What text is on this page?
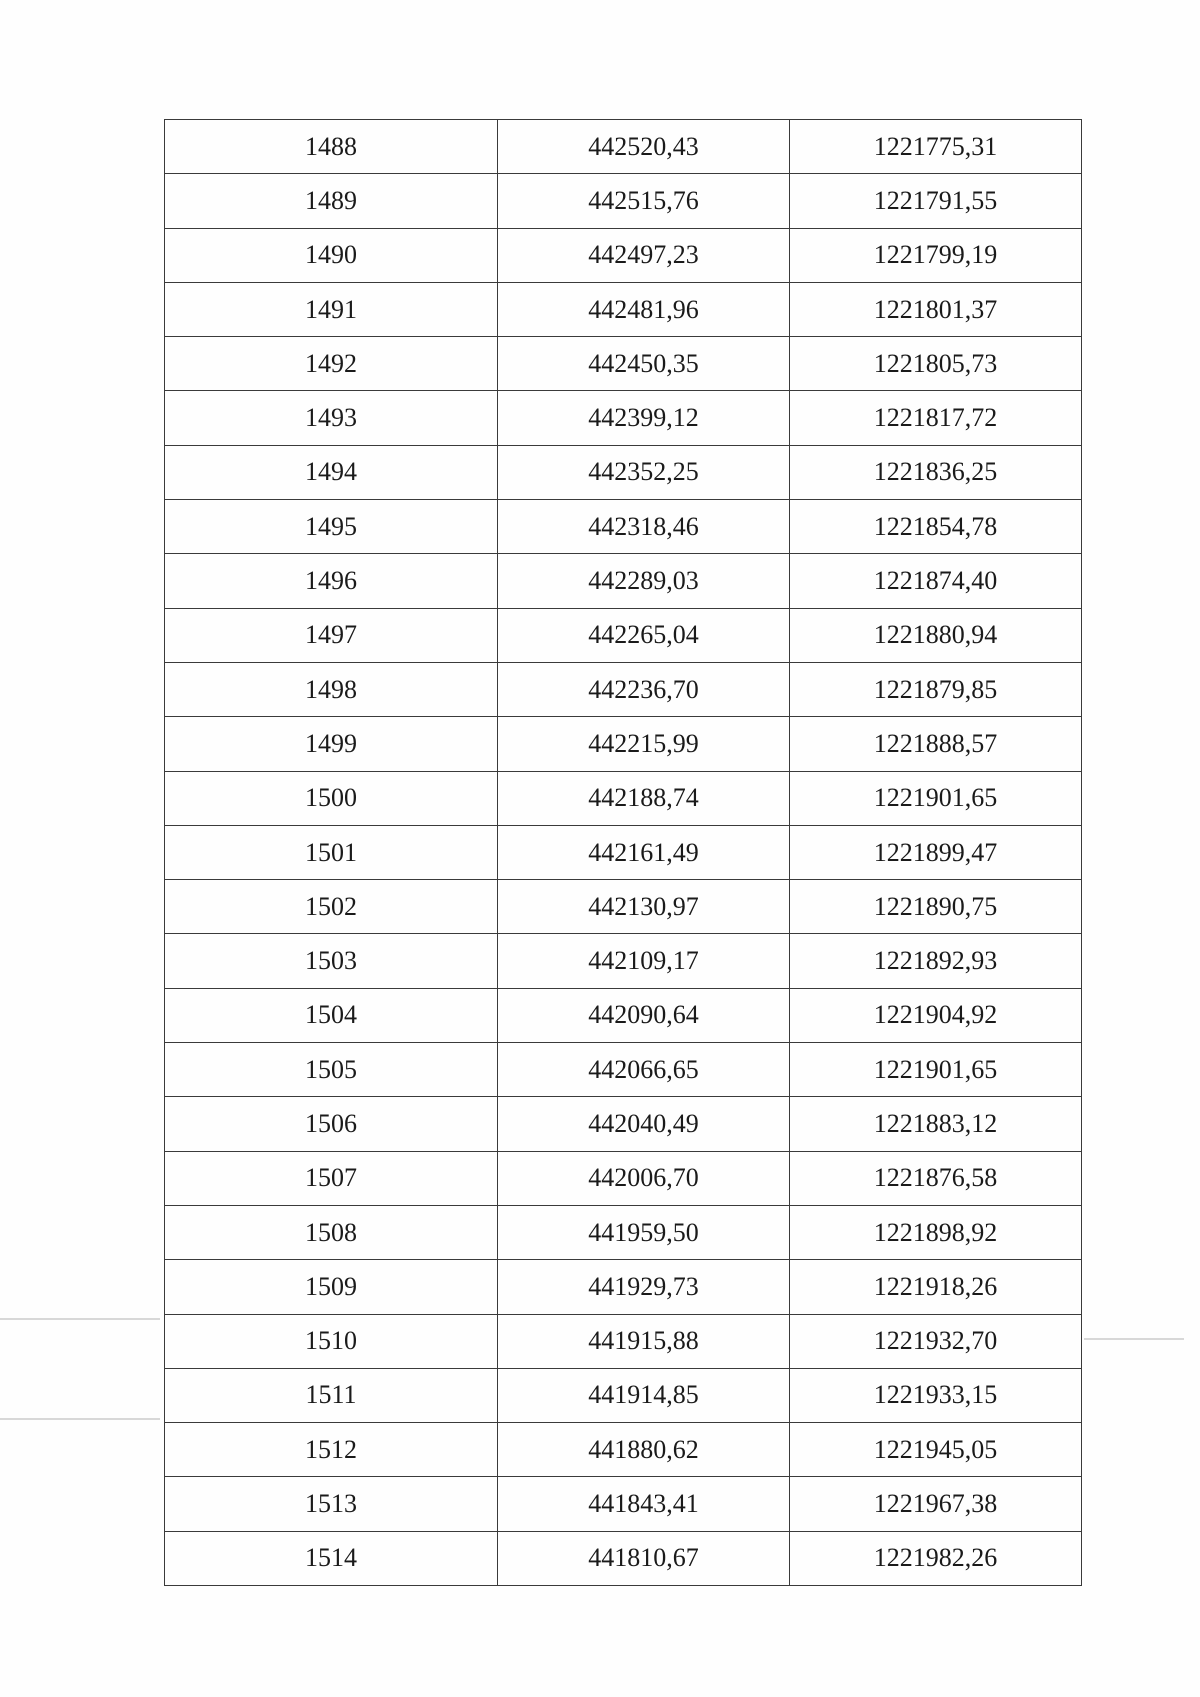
1488	442520,43	1221775,31
1489	442515,76	1221791,55
1490	442497,23	1221799,19
1491	442481,96	1221801,37
1492	442450,35	1221805,73
1493	442399,12	1221817,72
1494	442352,25	1221836,25
1495	442318,46	1221854,78
1496	442289,03	1221874,40
1497	442265,04	1221880,94
1498	442236,70	1221879,85
1499	442215,99	1221888,57
1500	442188,74	1221901,65
1501	442161,49	1221899,47
1502	442130,97	1221890,75
1503	442109,17	1221892,93
1504	442090,64	1221904,92
1505	442066,65	1221901,65
1506	442040,49	1221883,12
1507	442006,70	1221876,58
1508	441959,50	1221898,92
1509	441929,73	1221918,26
1510	441915,88	1221932,70
1511	441914,85	1221933,15
1512	441880,62	1221945,05
1513	441843,41	1221967,38
1514	441810,67	1221982,26
